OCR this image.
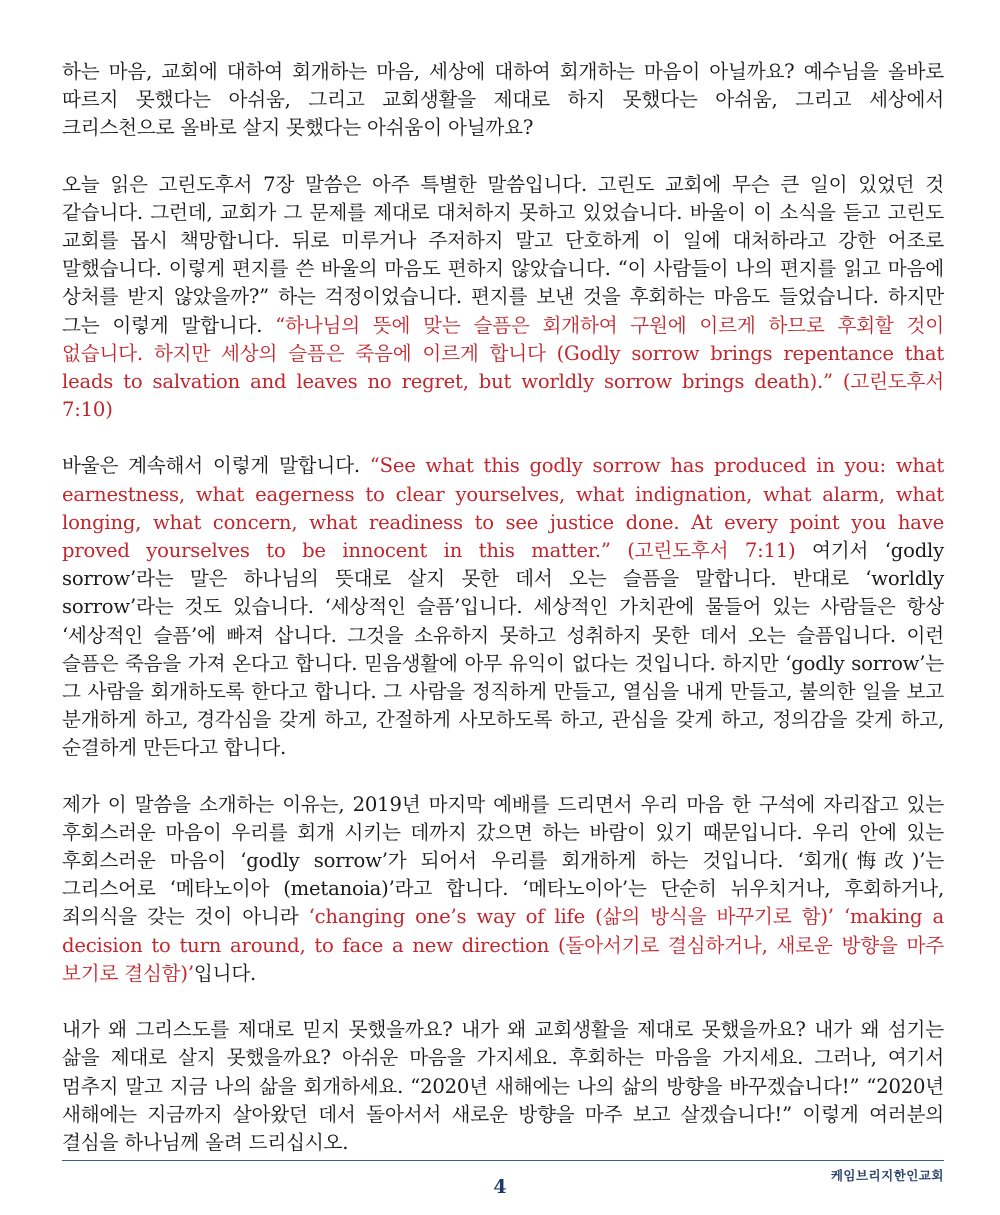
하는 마음, 교회에 대하여 회개하는 마음, 세상에 대하여 회개하는 마음이 아닐까요? 예수님을 올바로 따르지 못했다는 아쉬움, 그리고 교회생활을 제대로 하지 못했다는 아쉬움, 그리고 세상에서 크리스천으로 올바로 살지 못했다는 아쉬움이 아닐까요?

오늘 읽은 고린도후서 7장 말씀은 아주 특별한 말씀입니다. 고린도 교회에 무슨 큰 일이 있었던 것 같습니다. 그런데, 교회가 그 문제를 제대로 대처하지 못하고 있었습니다. 바울이 이 소식을 듣고 고린도 교회를 몹시 책망합니다. 뒤로 미루거나 주저하지 말고 단호하게 이 일에 대처하라고 강한 어조로 말했습니다. 이렇게 편지를 쓴 바울의 마음도 편하지 않았습니다. “이 사람들이 나의 편지를 읽고 마음에 상처를 받지 않았을까?” 하는 걱정이었습니다. 편지를 보낸 것을 후회하는 마음도 들었습니다. 하지만 그는 이렇게 말합니다. “하나님의 뜻에 맞는 슬픔은 회개하여 구원에 이르게 하므로 후회할 것이 없습니다. 하지만 세상의 슬픔은 죽음에 이르게 합니다 (Godly sorrow brings repentance that leads to salvation and leaves no regret, but worldly sorrow brings death).” (고린도후서 7:10)

바울은 계속해서 이렇게 말합니다. “See what this godly sorrow has produced in you: what earnestness, what eagerness to clear yourselves, what indignation, what alarm, what longing, what concern, what readiness to see justice done. At every point you have proved yourselves to be innocent in this matter.” (고린도후서 7:11) 여기서 ‘godly sorrow’라는 말은 하나님의 뜻대로 살지 못한 데서 오는 슬픔을 말합니다. 반대로 ‘worldly sorrow’라는 것도 있습니다. ‘세상적인 슬픔’입니다. 세상적인 가치관에 물들어 있는 사람들은 항상 ‘세상적인 슬픔’에 빠져 삽니다. 그것을 소유하지 못하고 성취하지 못한 데서 오는 슬픔입니다. 이런 슬픔은 죽음을 가져 온다고 합니다. 믿음생활에 아무 유익이 없다는 것입니다. 하지만 ‘godly sorrow’는 그 사람을 회개하도록 한다고 합니다. 그 사람을 정직하게 만들고, 열심을 내게 만들고, 불의한 일을 보고 분개하게 하고, 경각심을 갖게 하고, 간절하게 사모하도록 하고, 관심을 갖게 하고, 정의감을 갖게 하고, 순결하게 만든다고 합니다.

제가 이 말씀을 소개하는 이유는, 2019년 마지막 예배를 드리면서 우리 마음 한 구석에 자리잡고 있는 후회스러운 마음이 우리를 회개 시키는 데까지 갔으면 하는 바람이 있기 때문입니다. 우리 안에 있는 후회스러운 마음이 ‘godly sorrow’가 되어서 우리를 회개하게 하는 것입니다. ‘회개(悔改)’는 그리스어로 ‘메타노이아 (metanoia)’라고 합니다. ‘메타노이아’는 단순히 뉘우치거나, 후회하거나, 죄의식을 갖는 것이 아니라 ‘changing one’s way of life (삶의 방식을 바꾸기로 함)’ ‘making a decision to turn around, to face a new direction (돌아서기로 결심하거나, 새로운 방향을 마주 보기로 결심함)’입니다.

내가 왜 그리스도를 제대로 믿지 못했을까요? 내가 왜 교회생활을 제대로 못했을까요? 내가 왜 섬기는 삶을 제대로 살지 못했을까요? 아쉬운 마음을 가지세요. 후회하는 마음을 가지세요. 그러나, 여기서 멈추지 말고 지금 나의 삶을 회개하세요. “2020년 새해에는 나의 삶의 방향을 바꾸겠습니다!” “2020년 새해에는 지금까지 살아왔던 데서 돌아서서 새로운 방향을 마주 보고 살겠습니다!” 이렇게 여러분의 결심을 하나님께 올려 드리십시오.

케임브리지한인교회
4
